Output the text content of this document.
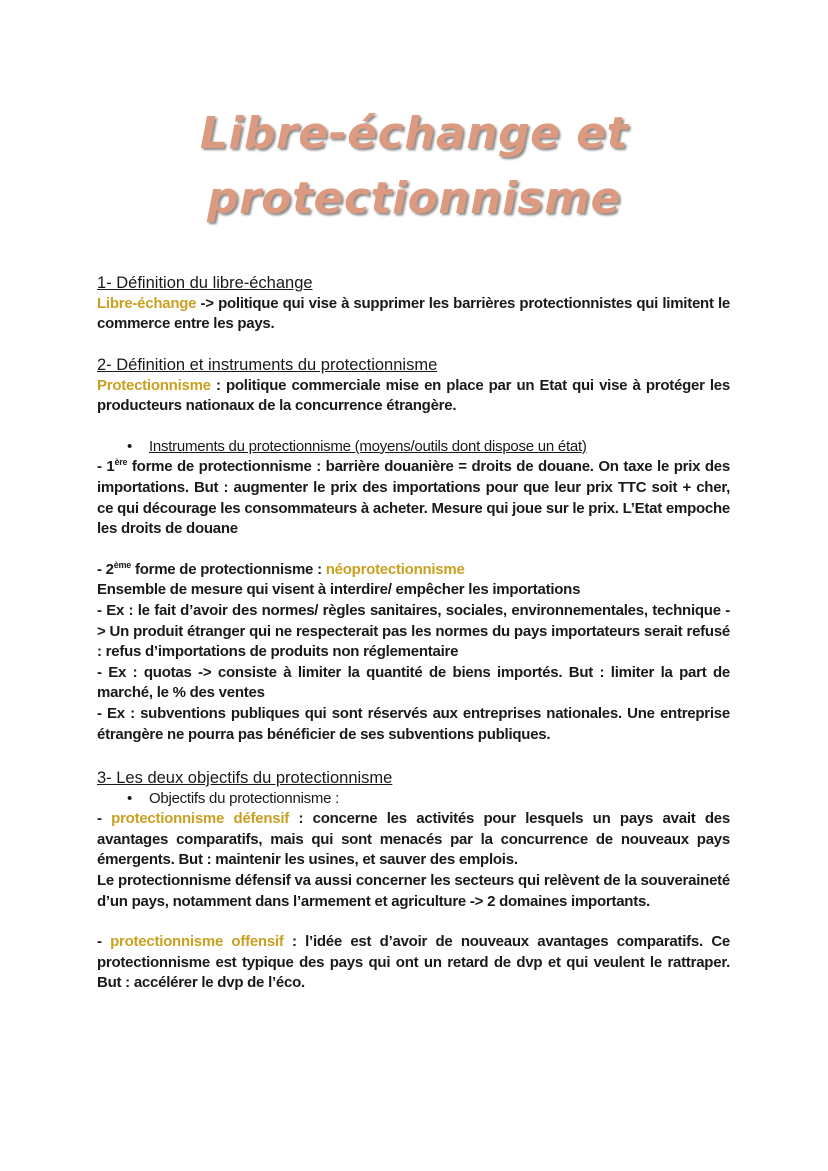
Libre-échange et
protectionnisme

1- Définition du libre-échange

Libre-échange -> politique qui vise à supprimer les barrières protectionnistes qui limitent le commerce entre les pays.

2- Définition et instruments du protectionnisme

Protectionnisme : politique commerciale mise en place par un Etat qui vise à protéger les producteurs nationaux de la concurrence étrangère.

• Instruments du protectionnisme (moyens/outils dont dispose un état)

- 1ère forme de protectionnisme : barrière douanière = droits de douane. On taxe le prix des importations. But : augmenter le prix des importations pour que leur prix TTC soit + cher, ce qui décourage les consommateurs à acheter. Mesure qui joue sur le prix. L’Etat empoche les droits de douane

- 2ème forme de protectionnisme : néoprotectionnisme

Ensemble de mesure qui visent à interdire/ empêcher les importations

- Ex : le fait d’avoir des normes/ règles sanitaires, sociales, environnementales, technique -> Un produit étranger qui ne respecterait pas les normes du pays importateurs serait refusé : refus d’importations de produits non réglementaire

- Ex : quotas -> consiste à limiter la quantité de biens importés. But : limiter la part de marché, le % des ventes

- Ex : subventions publiques qui sont réservés aux entreprises nationales. Une entreprise étrangère ne pourra pas bénéficier de ses subventions publiques.

3- Les deux objectifs du protectionnisme

• Objectifs du protectionnisme :

- protectionnisme défensif : concerne les activités pour lesquels un pays avait des avantages comparatifs, mais qui sont menacés par la concurrence de nouveaux pays émergents. But : maintenir les usines, et sauver des emplois.

Le protectionnisme défensif va aussi concerner les secteurs qui relèvent de la souveraineté d’un pays, notamment dans l’armement et agriculture -> 2 domaines importants.

- protectionnisme offensif : l’idée est d’avoir de nouveaux avantages comparatifs. Ce protectionnisme est typique des pays qui ont un retard de dvp et qui veulent le rattraper. But : accélérer le dvp de l’éco.
